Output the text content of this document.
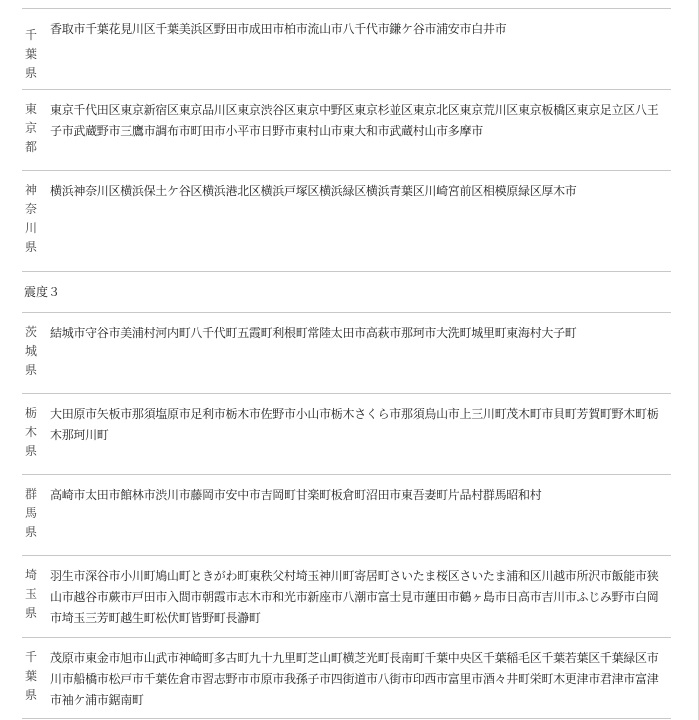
千葉県
香取市千葉花見川区千葉美浜区野田市成田市柏市流山市八千代市鎌ケ谷市浦安市白井市
東京都
東京千代田区東京新宿区東京品川区東京渋谷区東京中野区東京杉並区東京北区東京荒川区東京板橋区東京足立区八王子市武蔵野市三鷹市調布市町田市小平市日野市東村山市東大和市武蔵村山市多摩市
神奈川県
横浜神奈川区横浜保土ケ谷区横浜港北区横浜戸塚区横浜緑区横浜青葉区川崎宮前区相模原緑区厚木市
震度３
茨城県
結城市守谷市美浦村河内町八千代町五霞町利根町常陸太田市高萩市那珂市大洗町城里町東海村大子町
栃木県
大田原市矢板市那須塩原市足利市栃木市佐野市小山市栃木さくら市那須烏山市上三川町茂木町市貝町芳賀町野木町栃木那珂川町
群馬県
高崎市太田市館林市渋川市藤岡市安中市吉岡町甘楽町板倉町沼田市東吾妻町片品村群馬昭和村
埼玉県
羽生市深谷市小川町鳩山町ときがわ町東秩父村埼玉神川町寄居町さいたま桜区さいたま浦和区川越市所沢市飯能市狭山市越谷市蕨市戸田市入間市朝霞市志木市和光市新座市八潮市富士見市蓮田市鶴ヶ島市日高市吉川市ふじみ野市白岡市埼玉三芳町越生町松伏町皆野町長瀞町
千葉県
茂原市東金市旭市山武市神崎町多古町九十九里町芝山町横芝光町長南町千葉中央区千葉稲毛区千葉若葉区千葉緑区市川市船橋市松戸市千葉佐倉市習志野市市原市我孫子市四街道市八街市印西市富里市酒々井町栄町木更津市君津市富津市袖ケ浦市鋸南町
